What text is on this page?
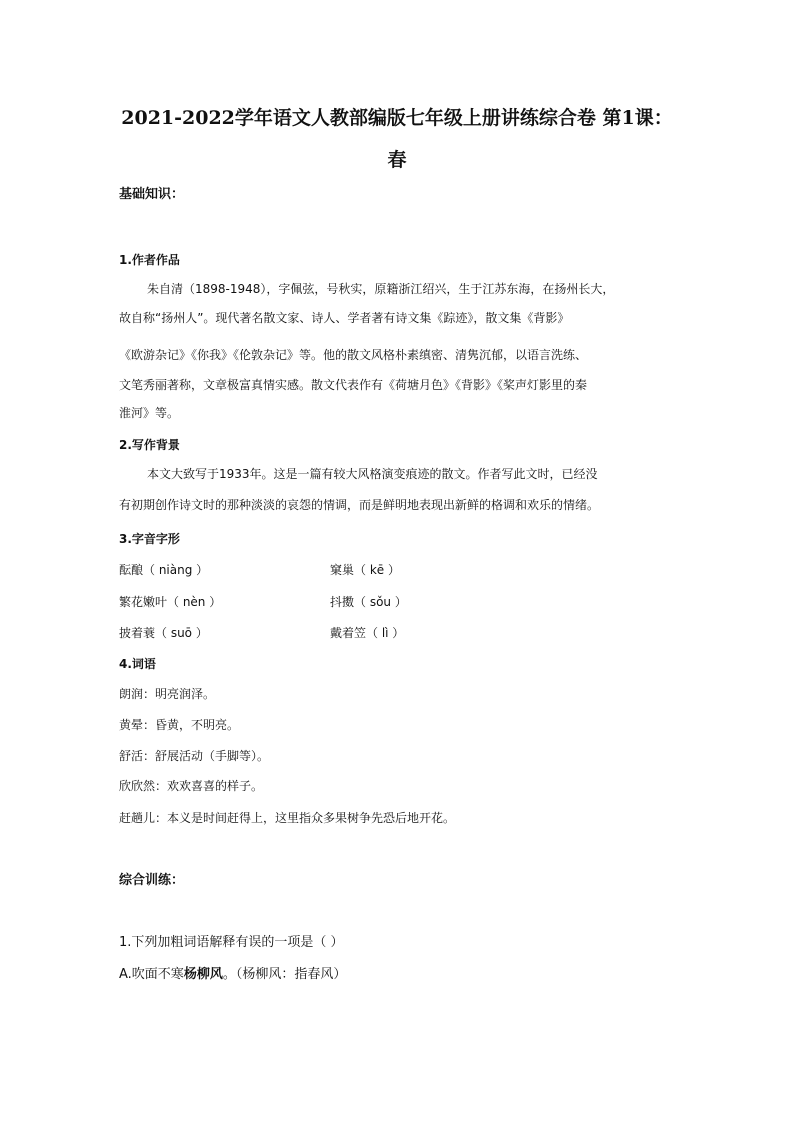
2021-2022学年语文人教部编版七年级上册讲练综合卷 第1课：
春
基础知识：
1.作者作品
朱自清（1898-1948），字佩弦，号秋实，原籍浙江绍兴，生于江苏东海，在扬州长大，
故自称“扬州人”。现代著名散文家、诗人、学者著有诗文集《踪迹》，散文集《背影》
《欧游杂记》《你我》《伦敦杂记》等。他的散文风格朴素缜密、清隽沉郁，以语言洗练、
文笔秀丽著称，文章极富真情实感。散文代表作有《荷塘月色》《背影》《桨声灯影里的秦
淮河》等。
2.写作背景
本文大致写于1933年。这是一篇有较大风格演变痕迹的散文。作者写此文时，已经没
有初期创作诗文时的那种淡淡的哀怨的情调，而是鲜明地表现出新鲜的格调和欢乐的情绪。
3.字音字形
酝酿（ niàng ）	窠巢（ kē ）
繁花嫩叶（ nèn ）	抖擞（ sǒu ）
披着蓑（ suō ）	戴着笠（ lì ）
4.词语
朗润：明亮润泽。
黄晕：昏黄，不明亮。
舒活：舒展活动（手脚等）。
欣欣然：欢欢喜喜的样子。
赶趟儿：本义是时间赶得上，这里指众多果树争先恐后地开花。
综合训练：
1.下列加粗词语解释有误的一项是（ ）
A.吹面不寒杨柳风。（杨柳风：指春风）
